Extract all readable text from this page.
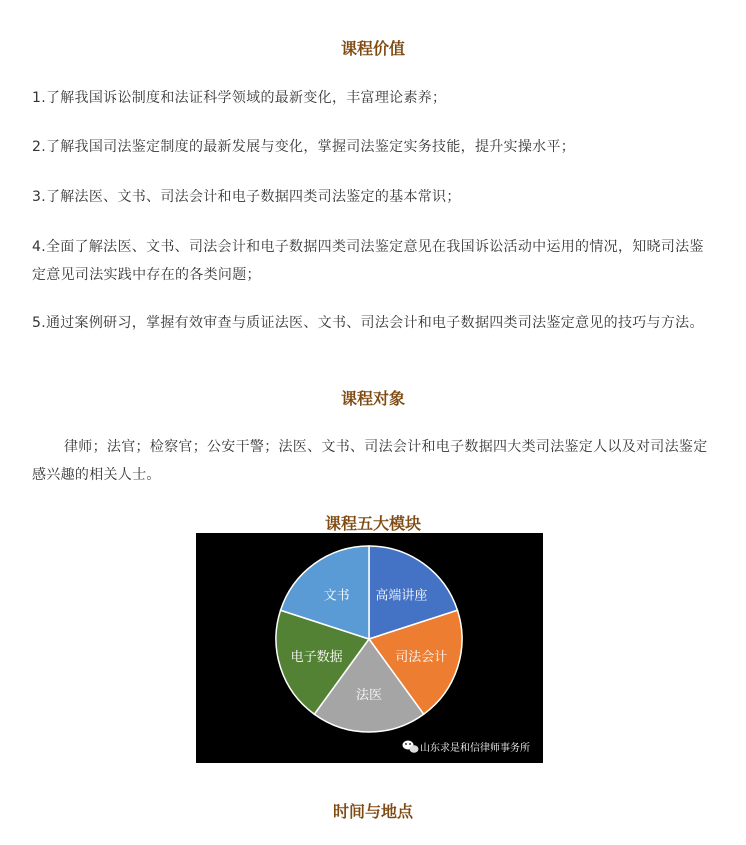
课程价值

1.了解我国诉讼制度和法证科学领域的最新变化，丰富理论素养；

2.了解我国司法鉴定制度的最新发展与变化，掌握司法鉴定实务技能，提升实操水平；

3.了解法医、文书、司法会计和电子数据四类司法鉴定的基本常识；

4.全面了解法医、文书、司法会计和电子数据四类司法鉴定意见在我国诉讼活动中运用的情况，知晓司法鉴定意见司法实践中存在的各类问题；

5.通过案例研习，掌握有效审查与质证法医、文书、司法会计和电子数据四类司法鉴定意见的技巧与方法。

课程对象

律师；法官；检察官；公安干警；法医、文书、司法会计和电子数据四大类司法鉴定人以及对司法鉴定感兴趣的相关人士。

课程五大模块
高端讲座
司法会计
法医
电子数据
文书
山东求是和信律师事务所
时间与地点
